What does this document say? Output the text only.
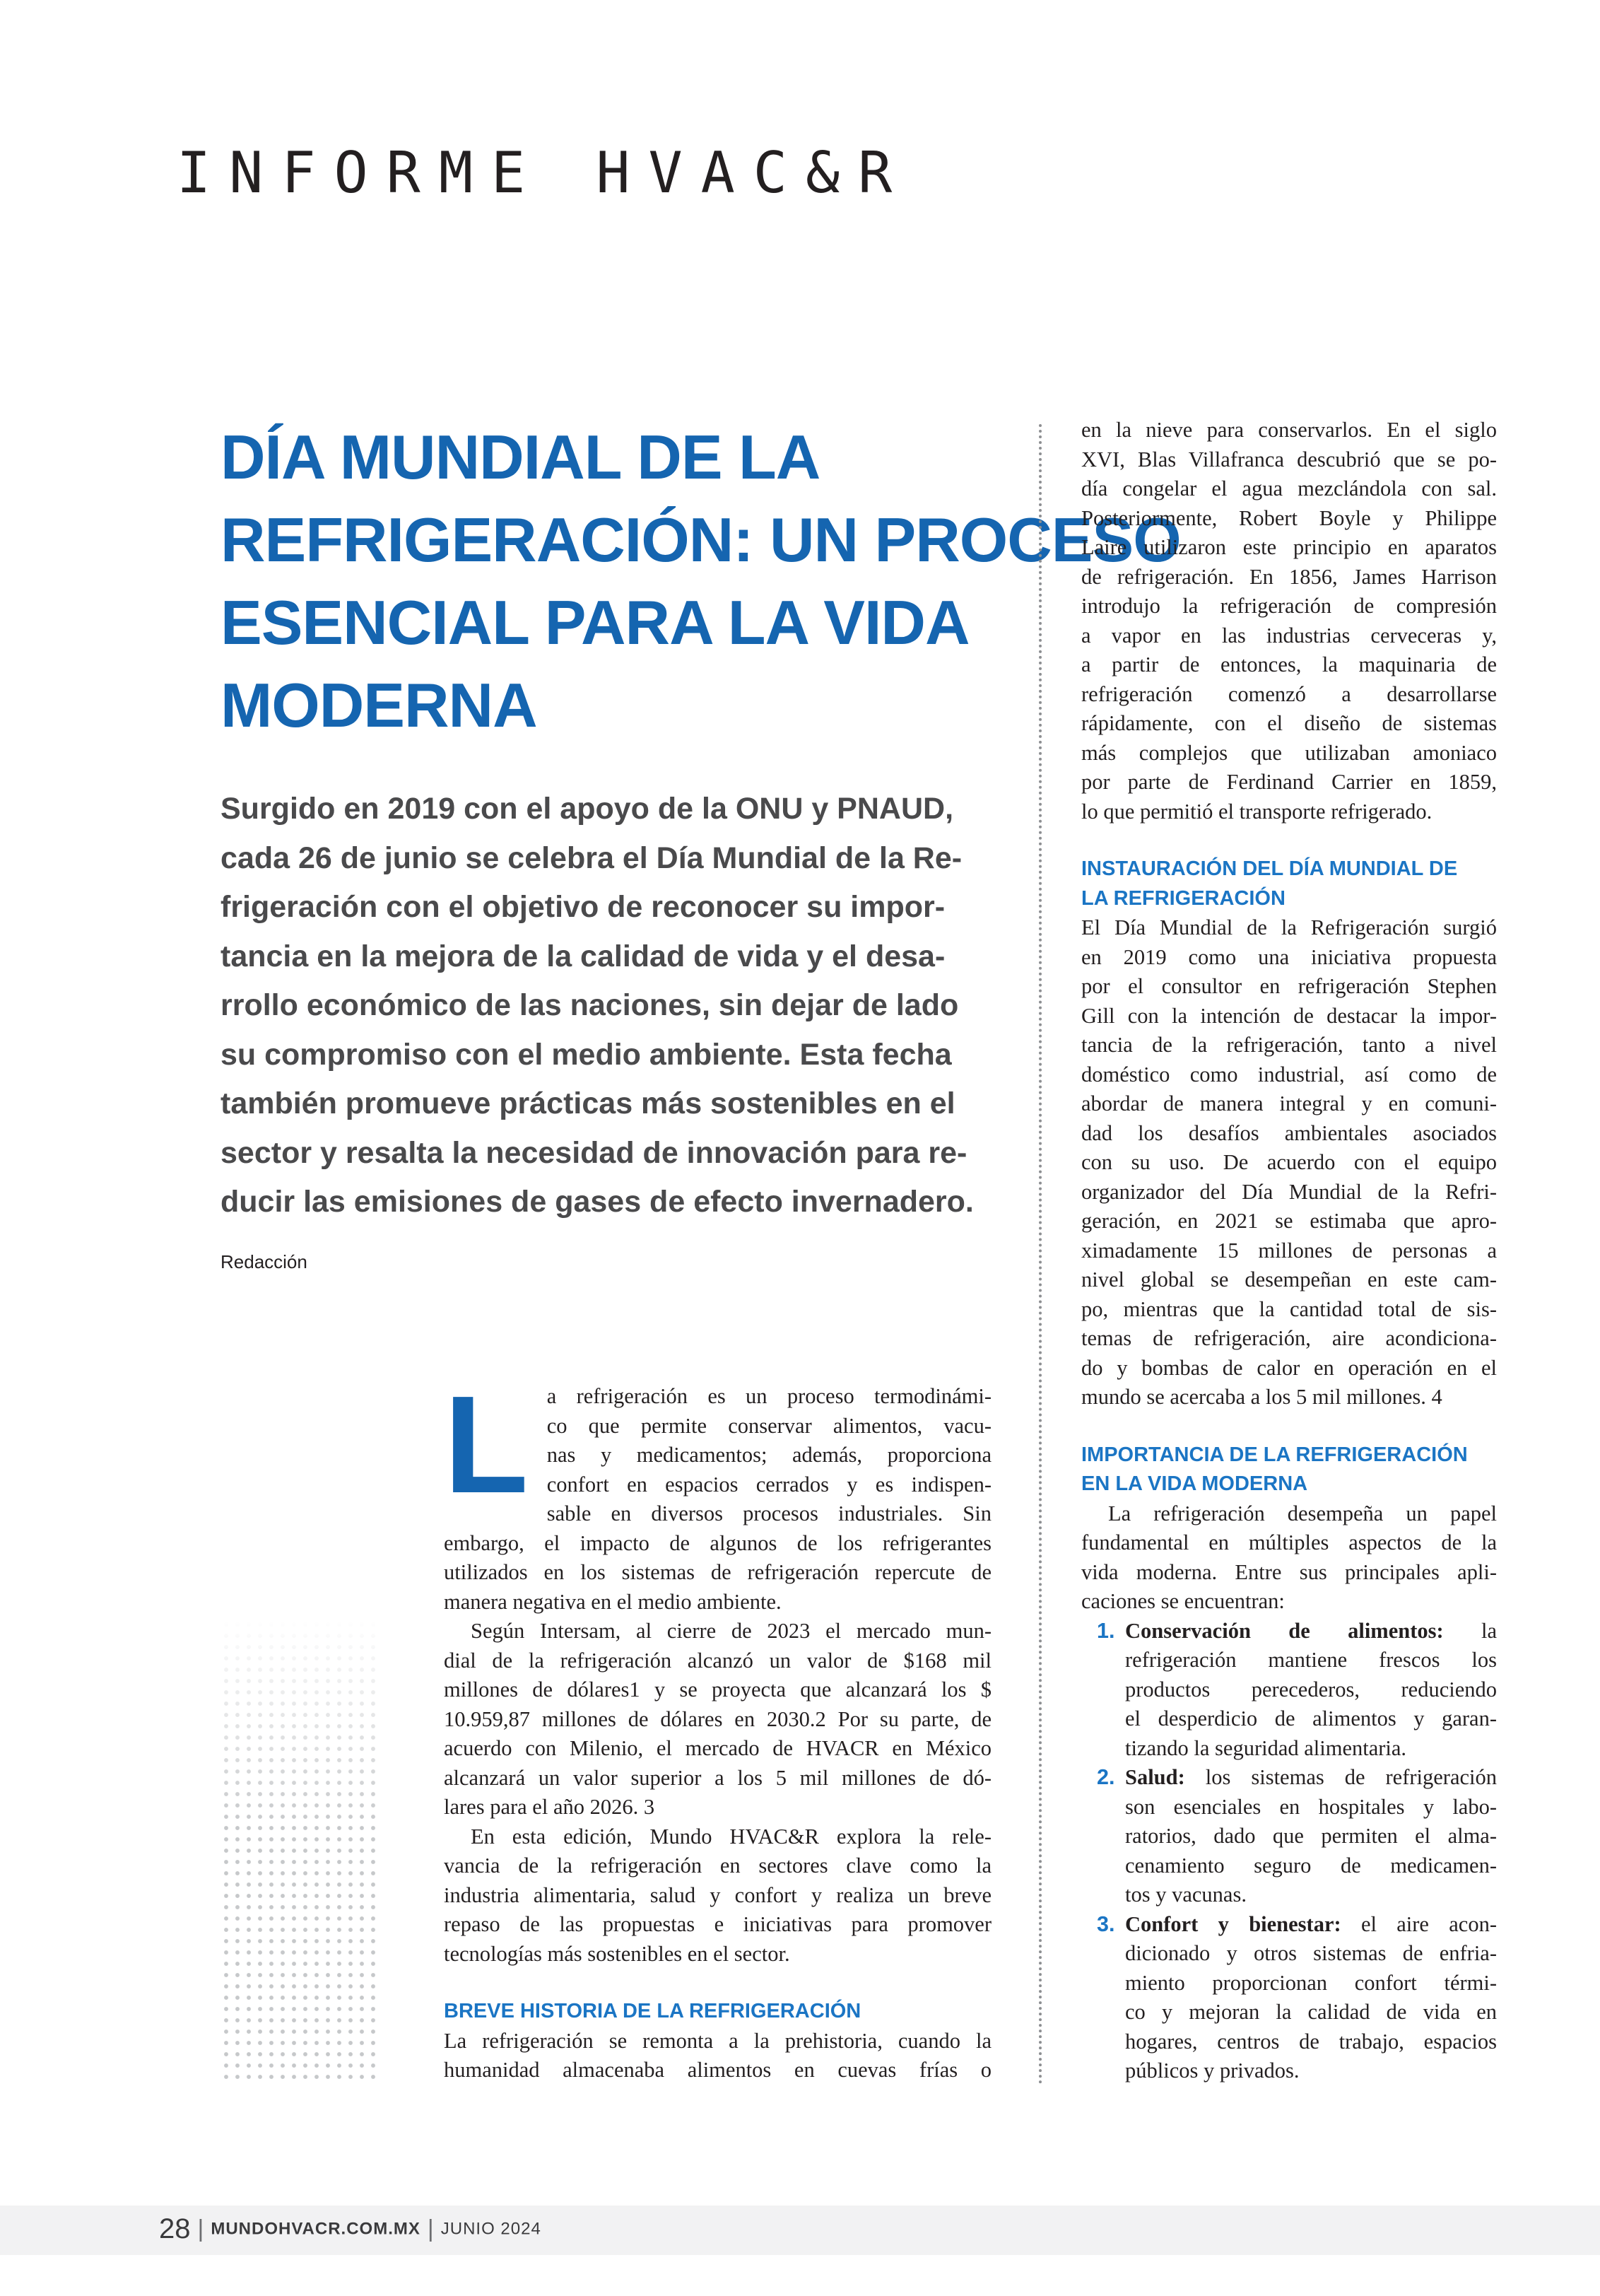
INFORME HVAC&R
DÍA MUNDIAL DE LA
REFRIGERACIÓN: UN PROCESO
ESENCIAL PARA LA VIDA
MODERNA
Surgido en 2019 con el apoyo de la ONU y PNAUD,
cada 26 de junio se celebra el Día Mundial de la Re-
frigeración con el objetivo de reconocer su impor-
tancia en la mejora de la calidad de vida y el desa-
rrollo económico de las naciones, sin dejar de lado
su compromiso con el medio ambiente. Esta fecha
también promueve prácticas más sostenibles en el
sector y resalta la necesidad de innovación para re-
ducir las emisiones de gases de efecto invernadero.
Redacción

L a refrigeración es un proceso termodinámi-
co que permite conservar alimentos, vacu-
nas y medicamentos; además, proporciona
confort en espacios cerrados y es indispen-
sable en diversos procesos industriales. Sin
embargo, el impacto de algunos de los refrigerantes
utilizados en los sistemas de refrigeración repercute de
manera negativa en el medio ambiente.

Según Intersam, al cierre de 2023 el mercado mun-
dial de la refrigeración alcanzó un valor de $168 mil
millones de dólares1 y se proyecta que alcanzará los $
10.959,87 millones de dólares en 2030.2 Por su parte, de
acuerdo con Milenio, el mercado de HVACR en México
alcanzará un valor superior a los 5 mil millones de dó-
lares para el año 2026. 3

En esta edición, Mundo HVAC&R explora la rele-
vancia de la refrigeración en sectores clave como la
industria alimentaria, salud y confort y realiza un breve
repaso de las propuestas e iniciativas para promover
tecnologías más sostenibles en el sector.

BREVE HISTORIA DE LA REFRIGERACIÓN

La refrigeración se remonta a la prehistoria, cuando la
humanidad almacenaba alimentos en cuevas frías o

en la nieve para conservarlos. En el siglo
XVI, Blas Villafranca descubrió que se po-
día congelar el agua mezclándola con sal.
Posteriormente, Robert Boyle y Philippe
Laire utilizaron este principio en aparatos
de refrigeración. En 1856, James Harrison
introdujo la refrigeración de compresión
a vapor en las industrias cerveceras y,
a partir de entonces, la maquinaria de
refrigeración comenzó a desarrollarse
rápidamente, con el diseño de sistemas
más complejos que utilizaban amoniaco
por parte de Ferdinand Carrier en 1859,
lo que permitió el transporte refrigerado.

INSTAURACIÓN DEL DÍA MUNDIAL DE
LA REFRIGERACIÓN

El Día Mundial de la Refrigeración surgió
en 2019 como una iniciativa propuesta
por el consultor en refrigeración Stephen
Gill con la intención de destacar la impor-
tancia de la refrigeración, tanto a nivel
doméstico como industrial, así como de
abordar de manera integral y en comuni-
dad los desafíos ambientales asociados
con su uso. De acuerdo con el equipo
organizador del Día Mundial de la Refri-
geración, en 2021 se estimaba que apro-
ximadamente 15 millones de personas a
nivel global se desempeñan en este cam-
po, mientras que la cantidad total de sis-
temas de refrigeración, aire acondiciona-
do y bombas de calor en operación en el
mundo se acercaba a los 5 mil millones. 4

IMPORTANCIA DE LA REFRIGERACIÓN
EN LA VIDA MODERNA

La refrigeración desempeña un papel
fundamental en múltiples aspectos de la
vida moderna. Entre sus principales apli-
caciones se encuentran:

1. Conservación de alimentos: la
refrigeración mantiene frescos los
productos perecederos, reduciendo
el desperdicio de alimentos y garan-
tizando la seguridad alimentaria.
2. Salud: los sistemas de refrigeración
son esenciales en hospitales y labo-
ratorios, dado que permiten el alma-
cenamiento seguro de medicamen-
tos y vacunas.
3. Confort y bienestar: el aire acon-
dicionado y otros sistemas de enfria-
miento proporcionan confort térmi-
co y mejoran la calidad de vida en
hogares, centros de trabajo, espacios
públicos y privados.
28 | MUNDOHVACR.COM.MX | JUNIO 2024
